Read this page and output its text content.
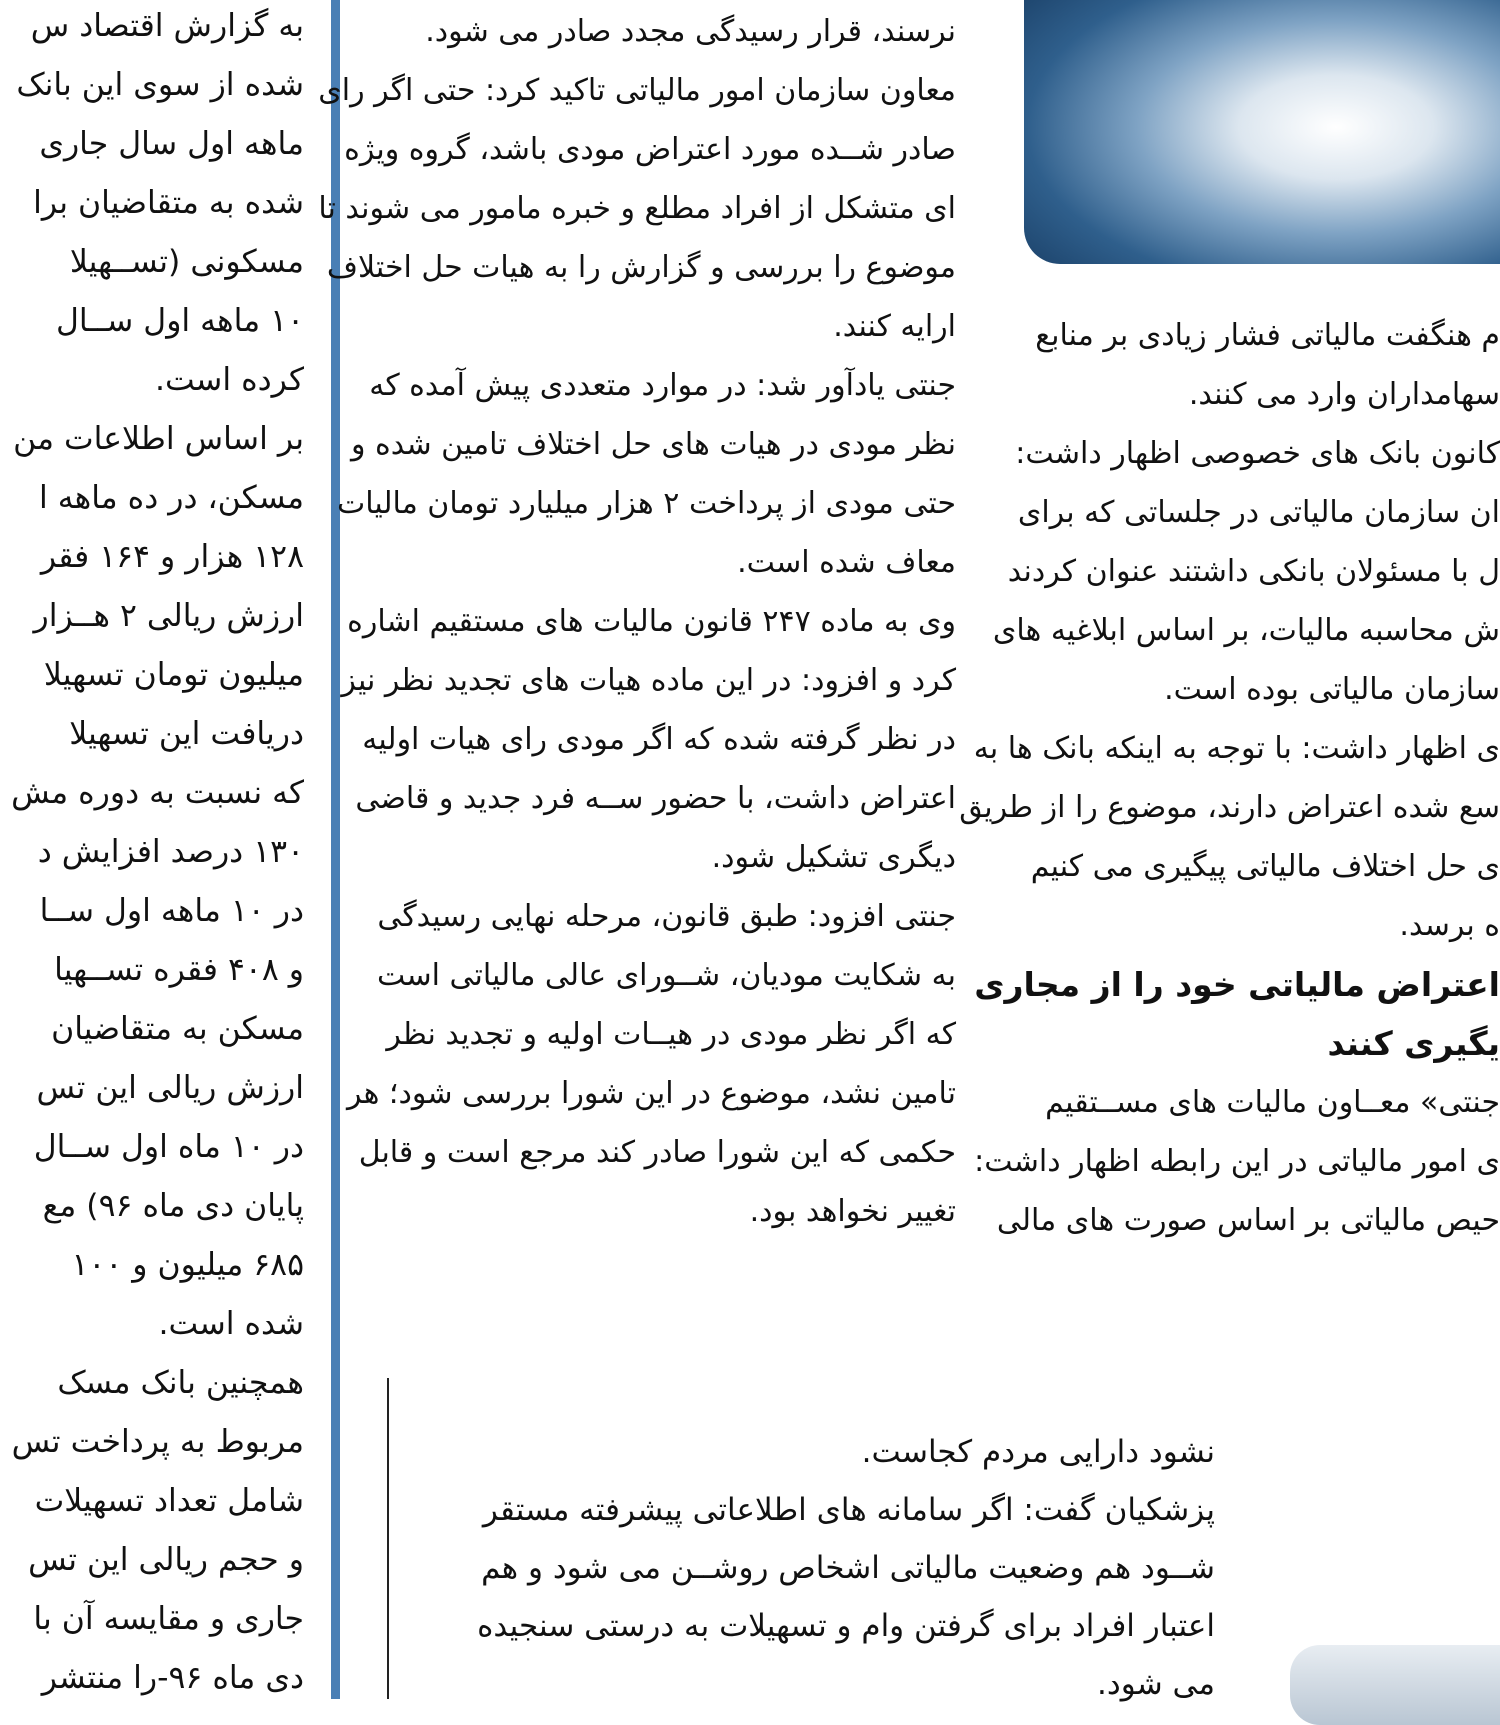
به گزارش اقتصاد س
شده از سوی این بانک
ماهه اول سال جاری
شده به متقاضیان برا
مسکونی (تســهیلا
۱۰ ماهه اول ســال
کرده است.
بر اساس اطلاعات من
مسکن، در ده ماهه ا
۱۲۸ هزار و ۱۶۴ فقر
ارزش ریالی ۲ هــزار
میلیون تومان تسهیلا
دریافت این تسهیلا
که نسبت به دوره مش
۱۳۰ درصد افزایش د
در ۱۰ ماهه اول ســا
و ۴۰۸ فقره تســهیا
مسکن به متقاضیان
ارزش ریالی این تس
در ۱۰ ماه اول ســال
پایان دی ماه ۹۶) مع
۶۸۵ میلیون و ۱۰۰
شده است.
همچنین بانک مسک
مربوط به پرداخت تس
شامل تعداد تسهیلات
و حجم ریالی این تس
جاری و مقایسه آن با
دی ماه ۹۶-را منتشر
نرسند، قرار رسیدگی مجدد صادر می شود.
معاون سازمان امور مالیاتی تاکید کرد: حتی اگر رای
صادر شــده مورد اعتراض مودی باشد، گروه ویژه
ای متشکل از افراد مطلع و خبره مامور می شوند تا
موضوع را بررسی و گزارش را به هیات حل اختلاف
ارایه کنند.
جنتی یادآور شد: در موارد متعددی پیش آمده که
نظر مودی در هیات های حل اختلاف تامین شده و
حتی مودی از پرداخت ۲ هزار میلیارد تومان مالیات
معاف شده است.
وی به ماده ۲۴۷ قانون مالیات های مستقیم اشاره
کرد و افزود: در این ماده هیات های تجدید نظر نیز
در نظر گرفته شده که اگر مودی رای هیات اولیه
اعتراض داشت، با حضور ســه فرد جدید و قاضی
دیگری تشکیل شود.
جنتی افزود: طبق قانون، مرحله نهایی رسیدگی
به شکایت مودیان، شــورای عالی مالیاتی است
که اگر نظر مودی در هیــات اولیه و تجدید نظر
تامین نشد، موضوع در این شورا بررسی شود؛ هر
حکمی که این شورا صادر کند مرجع است و قابل
تغییر نخواهد بود.
م هنگفت مالیاتی فشار زیادی بر منابع
سهامداران وارد می کنند.
کانون بانک های خصوصی اظهار داشت:
ان سازمان مالیاتی در جلساتی که برای
ل با مسئولان بانکی داشتند عنوان کردند
ش محاسبه مالیات، بر اساس ابلاغیه های
سازمان مالیاتی بوده است.
ی اظهار داشت: با توجه به اینکه بانک ها به
سع شده اعتراض دارند، موضوع را از طریق
ی حل اختلاف مالیاتی پیگیری می کنیم
ه برسد.
اعتراض مالیاتی خود را از مجاری
یگیری کنند
جنتی» معــاون مالیات های مســتقیم
ی امور مالیاتی در این رابطه اظهار داشت:
حیص مالیاتی بر اساس صورت های مالی
نشود دارایی مردم کجاست.
پزشکیان گفت: اگر سامانه های اطلاعاتی پیشرفته مستقر
شــود هم وضعیت مالیاتی اشخاص روشــن می شود و هم
اعتبار افراد برای گرفتن وام و تسهیلات به درستی سنجیده
می شود.
